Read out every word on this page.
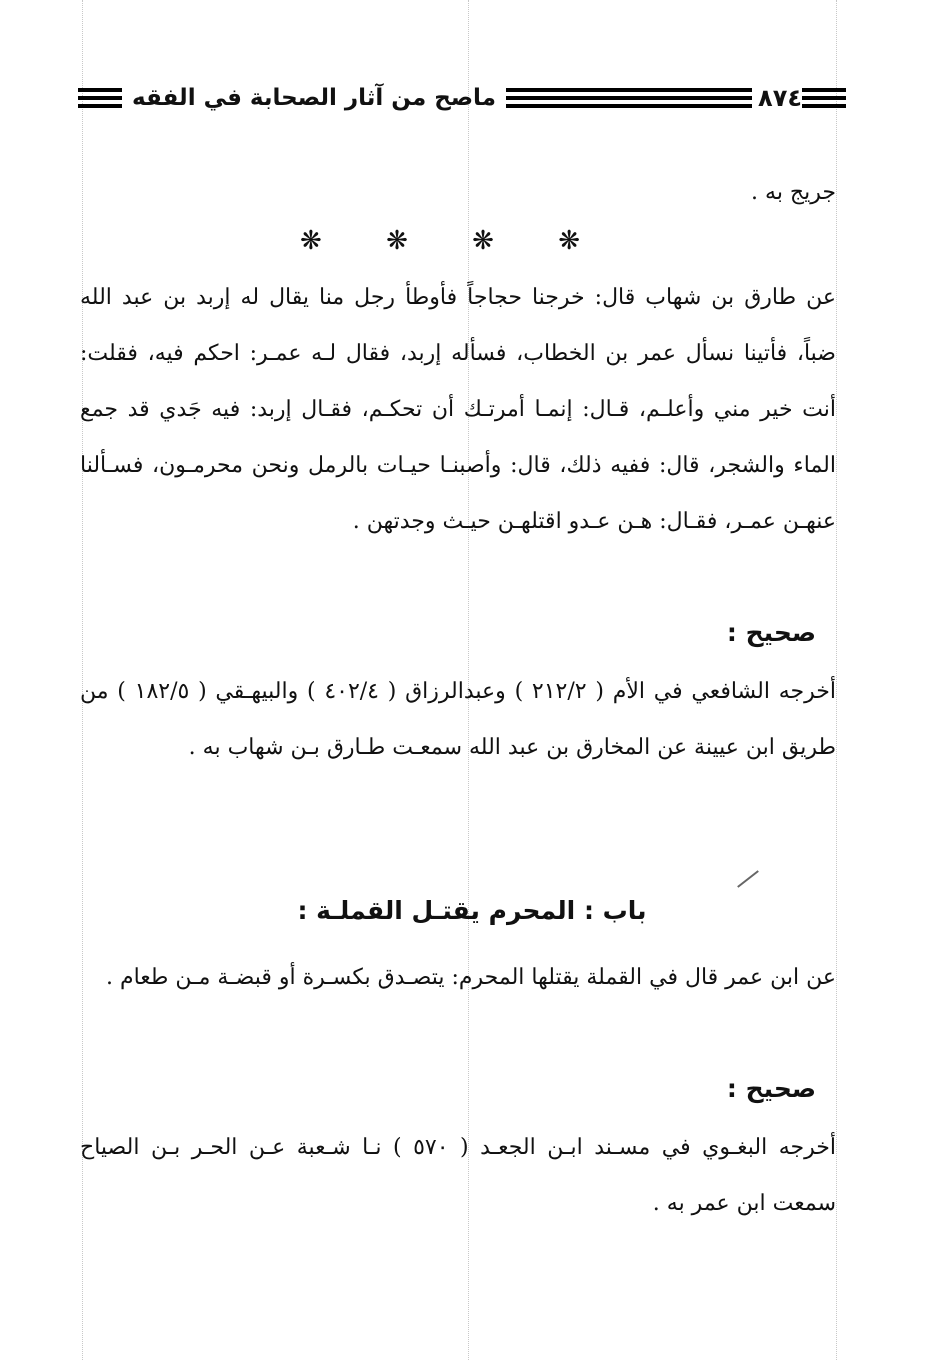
٨٧٤
ماصح من آثار الصحابة في الفقه
جريج به .
❋ ❋ ❋ ❋

عن طارق بن شهاب قال: خرجنا حجاجاً فأوطأ رجل منا يقال له إربد بن عبد الله ضباً، فأتينا نسأل عمر بن الخطاب، فسأله إربد، فقال لـه عمـر: احكم فيه، فقلت: أنت خير مني وأعلـم، قـال: إنمـا أمرتـك أن تحكـم، فقـال إربد: فيه جَدي قد جمع الماء والشجر، قال: ففيه ذلك، قال: وأصبنـا حيـات بالرمل ونحن محرمـون، فسـألنا عنهـن عمـر، فقـال: هـن عـدو اقتلهـن حيـث وجدتهن .

صحيح :

أخرجه الشافعي في الأم ( ٢١٢/٢ ) وعبدالرزاق ( ٤٠٢/٤ ) والبيهـقي ( ١٨٢/٥ ) من طريق ابن عيينة عن المخارق بن عبد الله سمعـت طـارق بـن شهاب به .

باب : المحرم يقتـل القملـة :

عن ابن عمر قال في القملة يقتلها المحرم: يتصـدق بكسـرة أو قبضـة مـن طعام .

صحيح :

أخرجه البغـوي في مسـند ابـن الجعـد ( ٥٧٠ ) نـا شـعبة عـن الحـر بـن الصياح سمعت ابن عمر به .
